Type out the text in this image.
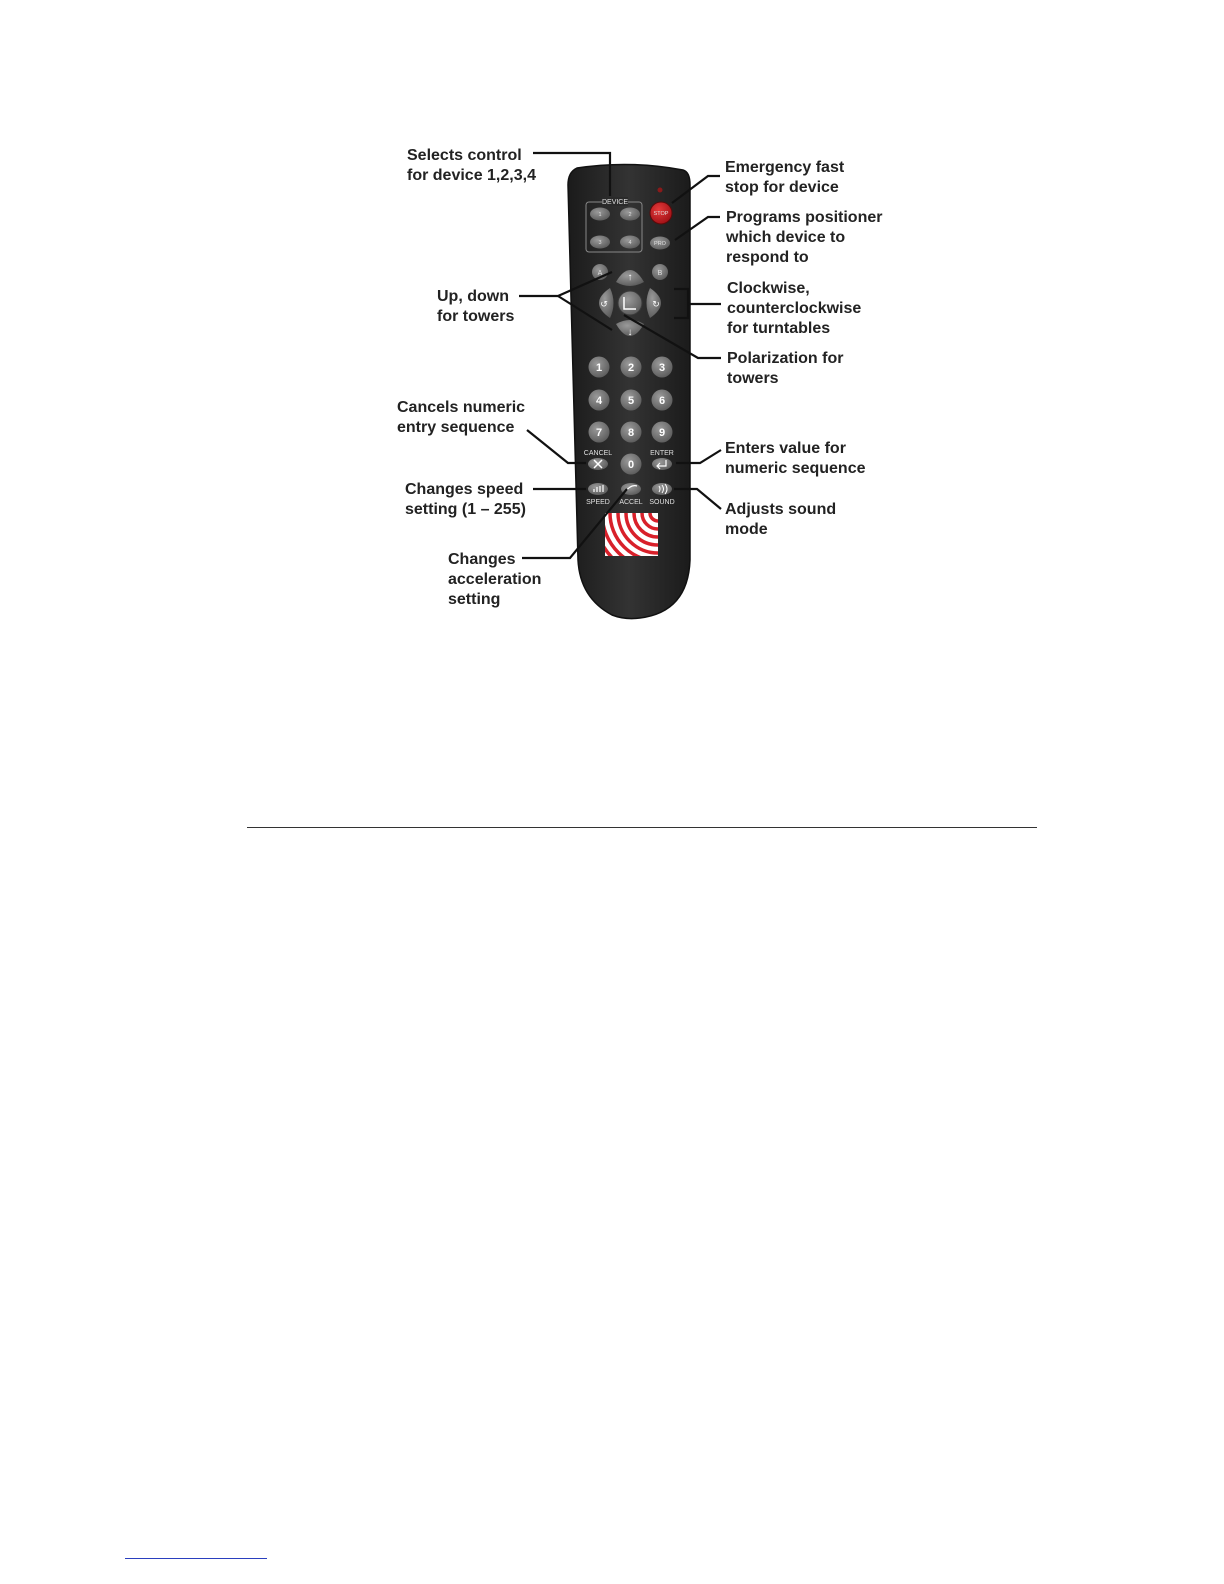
DEVICE
1	2
3	4
STOP
PRO
A	B
↑
↓
↺	↻
1 2 3
4 5 6
7 8 9
CANCEL
0
ENTER
SPEED ACCEL SOUND
Selects control
for device 1,2,3,4	Emergency fast
stop for device
Programs positioner
which device to
respond to
Up, down
for towers
Clockwise,
counterclockwise
for turntables
Polarization for
towers
Cancels numeric
entry sequence
Enters value for
numeric sequence
Changes speed
setting (1 – 255)	Adjusts sound
mode
Changes
acceleration
setting
